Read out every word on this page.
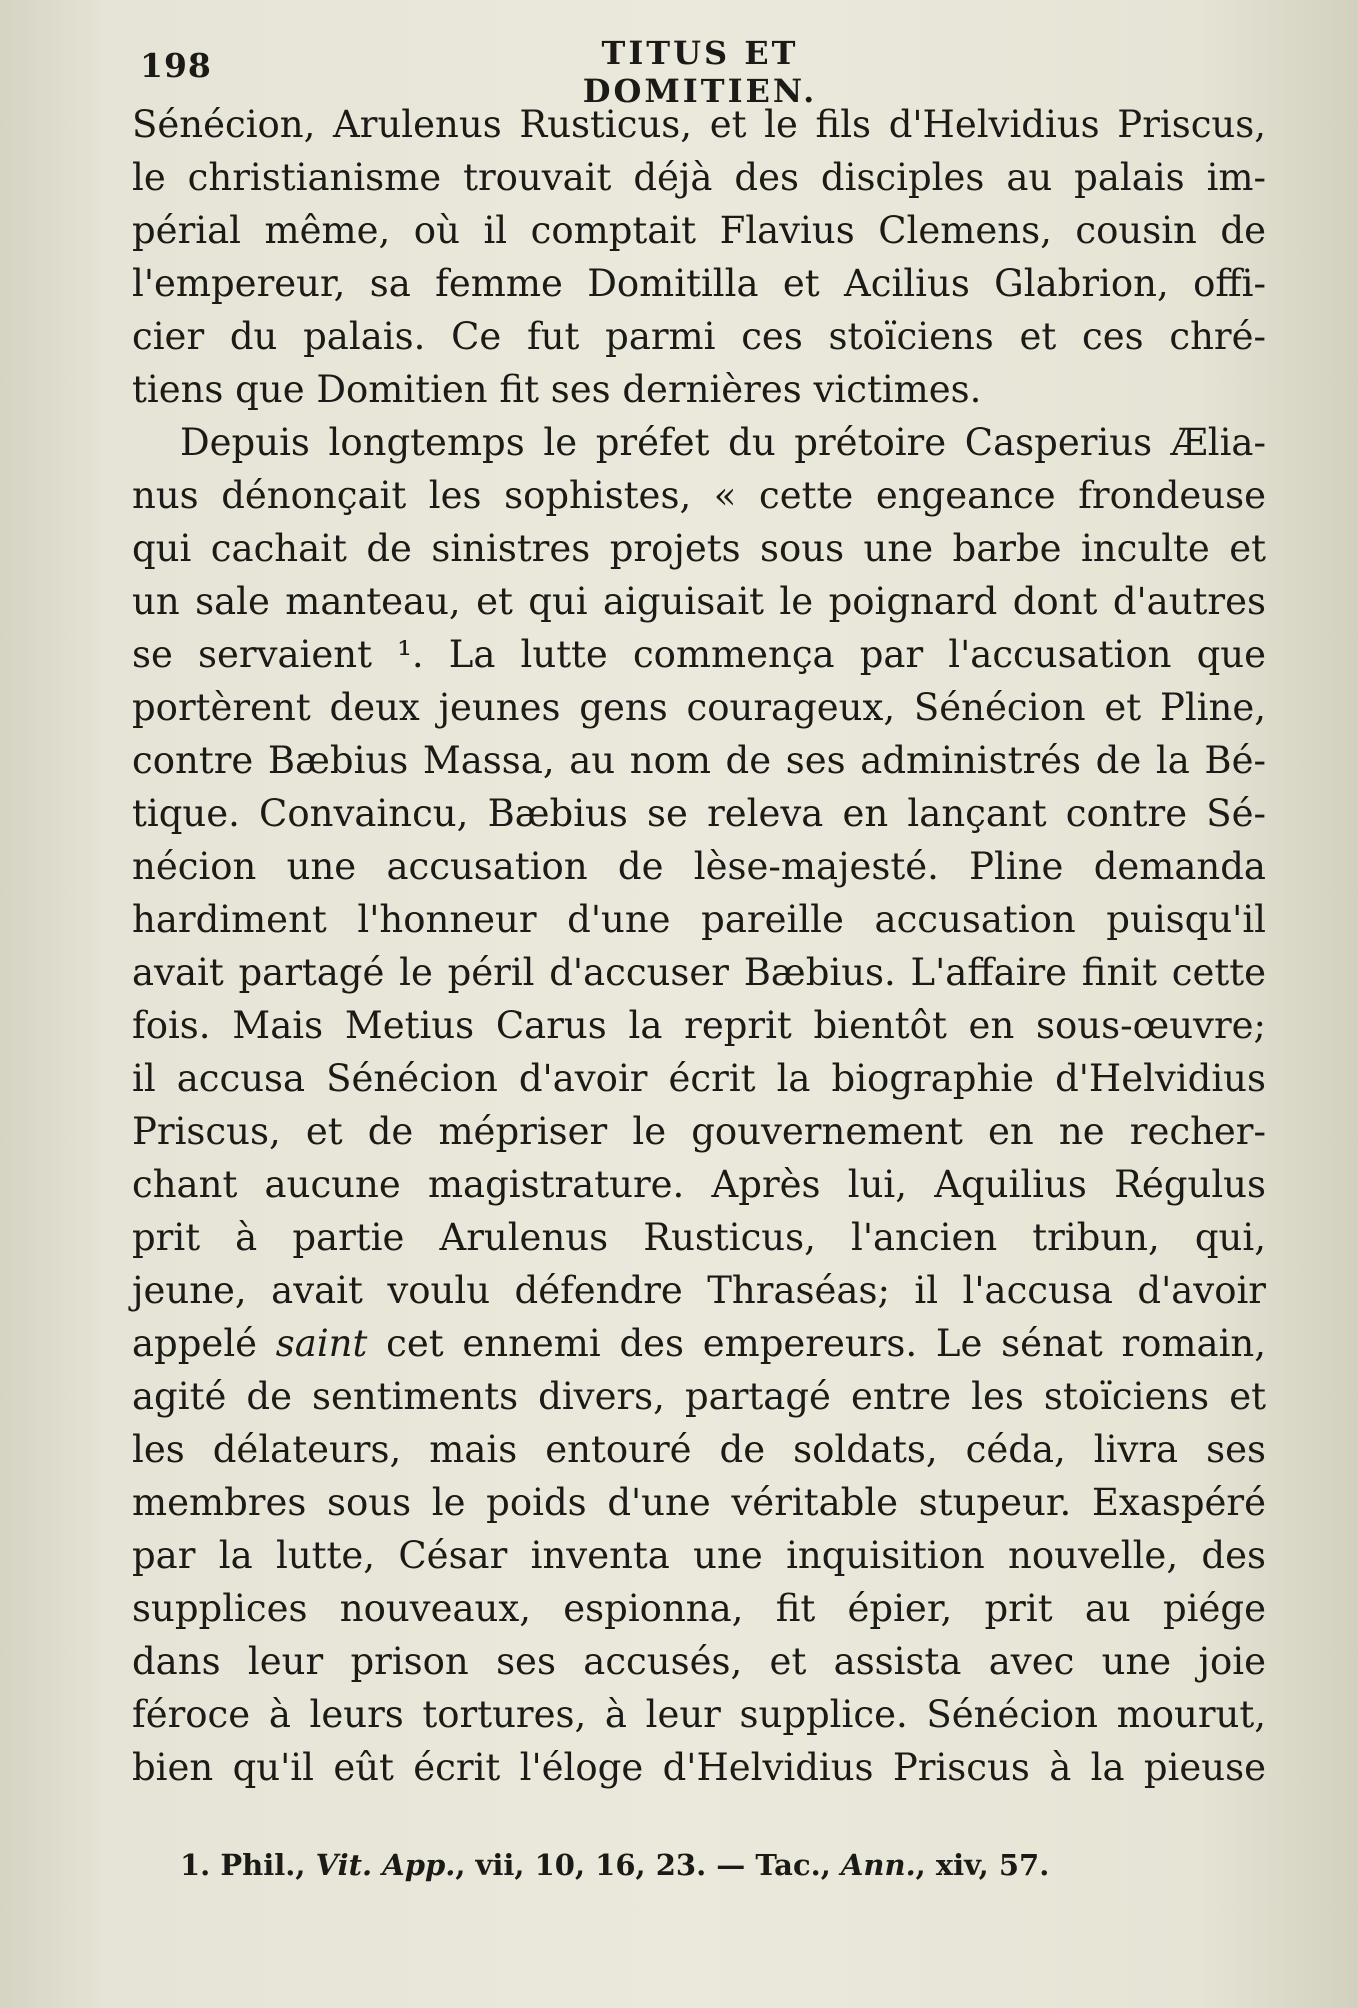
198	TITUS ET DOMITIEN.
Sénécion, Arulenus Rusticus, et le fils d'Helvidius Priscus,
le christianisme trouvait déjà des disciples au palais im-
périal même, où il comptait Flavius Clemens, cousin de
l'empereur, sa femme Domitilla et Acilius Glabrion, offi-
cier du palais. Ce fut parmi ces stoïciens et ces chré-
tiens que Domitien fit ses dernières victimes.
Depuis longtemps le préfet du prétoire Casperius Ælia-
nus dénonçait les sophistes, « cette engeance frondeuse
qui cachait de sinistres projets sous une barbe inculte et
un sale manteau, et qui aiguisait le poignard dont d'autres
se servaient ¹. La lutte commença par l'accusation que
portèrent deux jeunes gens courageux, Sénécion et Pline,
contre Bæbius Massa, au nom de ses administrés de la Bé-
tique. Convaincu, Bæbius se releva en lançant contre Sé-
nécion une accusation de lèse-majesté. Pline demanda
hardiment l'honneur d'une pareille accusation puisqu'il
avait partagé le péril d'accuser Bæbius. L'affaire finit cette
fois. Mais Metius Carus la reprit bientôt en sous-œuvre;
il accusa Sénécion d'avoir écrit la biographie d'Helvidius
Priscus, et de mépriser le gouvernement en ne recher-
chant aucune magistrature. Après lui, Aquilius Régulus
prit à partie Arulenus Rusticus, l'ancien tribun, qui,
jeune, avait voulu défendre Thraséas; il l'accusa d'avoir
appelé saint cet ennemi des empereurs. Le sénat romain,
agité de sentiments divers, partagé entre les stoïciens et
les délateurs, mais entouré de soldats, céda, livra ses
membres sous le poids d'une véritable stupeur. Exaspéré
par la lutte, César inventa une inquisition nouvelle, des
supplices nouveaux, espionna, fit épier, prit au piége
dans leur prison ses accusés, et assista avec une joie
féroce à leurs tortures, à leur supplice. Sénécion mourut,
bien qu'il eût écrit l'éloge d'Helvidius Priscus à la pieuse
1. Phil., Vit. App., vii, 10, 16, 23. — Tac., Ann., xiv, 57.
